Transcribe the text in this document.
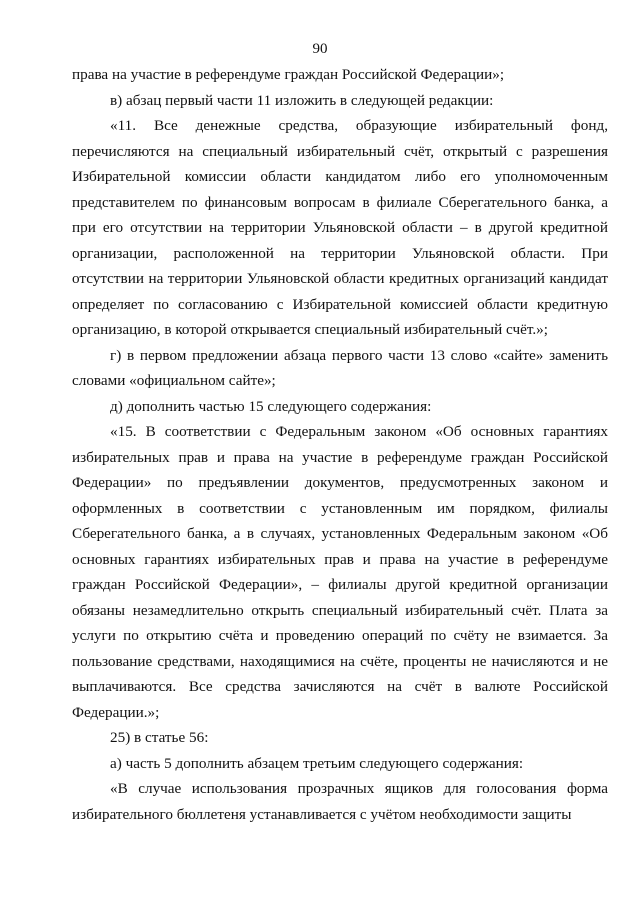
90

права на участие в референдуме граждан Российской Федерации»;

в) абзац первый части 11 изложить в следующей редакции:

«11. Все денежные средства, образующие избирательный фонд, перечисляются на специальный избирательный счёт, открытый с разрешения Избирательной комиссии области кандидатом либо его уполномоченным представителем по финансовым вопросам в филиале Сберегательного банка, а при его отсутствии на территории Ульяновской области – в другой кредитной организации, расположенной на территории Ульяновской области. При отсутствии на территории Ульяновской области кредитных организаций кандидат определяет по согласованию с Избирательной комиссией области кредитную организацию, в которой открывается специальный избирательный счёт.»;

г) в первом предложении абзаца первого части 13 слово «сайте» заменить словами «официальном сайте»;

д) дополнить частью 15 следующего содержания:

«15. В соответствии с Федеральным законом «Об основных гарантиях избирательных прав и права на участие в референдуме граждан Российской Федерации» по предъявлении документов, предусмотренных законом и оформленных в соответствии с установленным им порядком, филиалы Сберегательного банка, а в случаях, установленных Федеральным законом «Об основных гарантиях избирательных прав и права на участие в референдуме граждан Российской Федерации», – филиалы другой кредитной организации обязаны незамедлительно открыть специальный избирательный счёт. Плата за услуги по открытию счёта и проведению операций по счёту не взимается. За пользование средствами, находящимися на счёте, проценты не начисляются и не выплачиваются. Все средства зачисляются на счёт в валюте Российской Федерации.»;

25) в статье 56:

а) часть 5 дополнить абзацем третьим следующего содержания:

«В случае использования прозрачных ящиков для голосования форма избирательного бюллетеня устанавливается с учётом необходимости защиты
